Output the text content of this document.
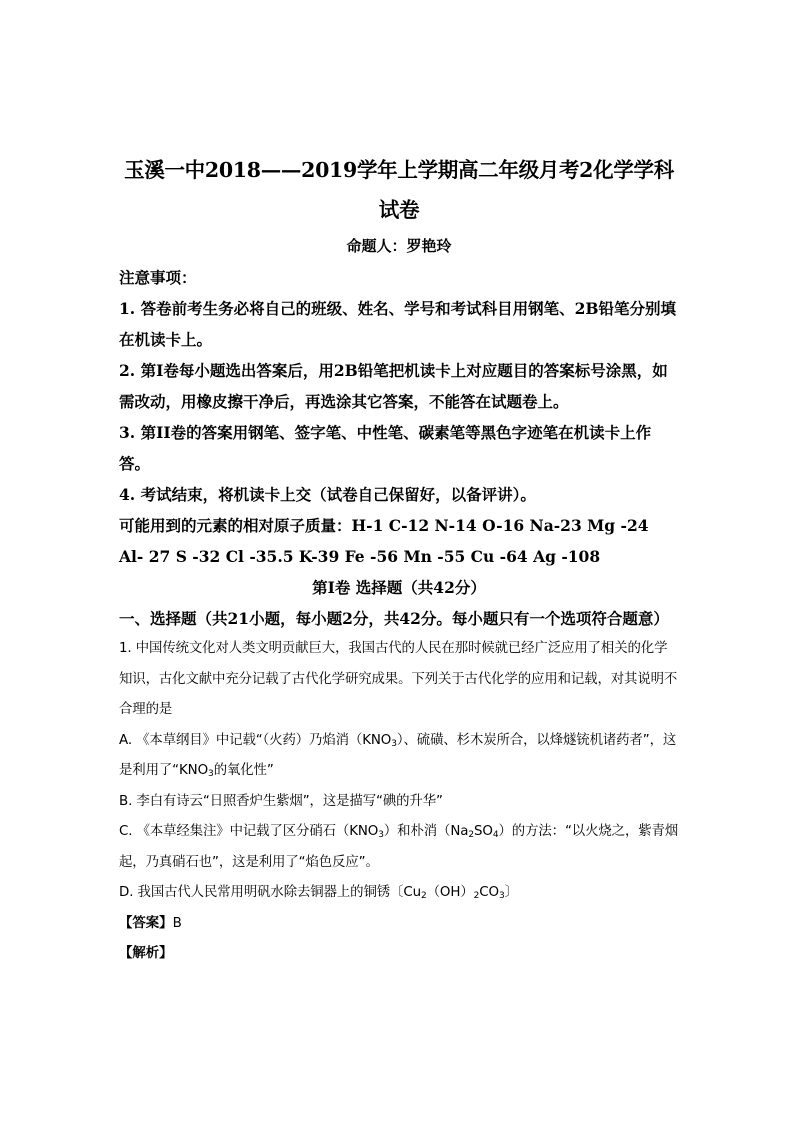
玉溪一中2018——2019学年上学期高二年级月考2化学学科试卷

命题人：罗艳玲

注意事项：

1. 答卷前考生务必将自己的班级、姓名、学号和考试科目用钢笔、2B铅笔分别填在机读卡上。

2. 第Ⅰ卷每小题选出答案后，用2B铅笔把机读卡上对应题目的答案标号涂黑，如需改动，用橡皮擦干净后，再选涂其它答案，不能答在试题卷上。

3. 第II卷的答案用钢笔、签字笔、中性笔、碳素笔等黑色字迹笔在机读卡上作答。

4. 考试结束，将机读卡上交（试卷自己保留好，以备评讲）。

可能用到的元素的相对原子质量：H-1 C-12 N-14 O-16 Na-23 Mg -24

Al- 27 S -32 Cl -35.5 K-39 Fe -56 Mn -55 Cu -64 Ag -108

第Ⅰ卷 选择题（共42分）

一、选择题（共21小题，每小题2分，共42分。每小题只有一个选项符合题意）

1. 中国传统文化对人类文明贡献巨大，我国古代的人民在那时候就已经广泛应用了相关的化学知识，古化文献中充分记载了古代化学研究成果。下列关于古代化学的应用和记载，对其说明不合理的是

A. 《本草纲目》中记载“（火药）乃焰消$(KNO_3)$、硫磺、杉木炭所合，以烽燧铳机诸药者”，这是利用了“$KNO_3$的氧化性”

B. 李白有诗云“日照香炉生紫烟”，这是描写“碘的升华”

C. 《本草经集注》中记载了区分硝石$(KNO_3)$和朴消$(Na_2SO_4)$的方法：“以火烧之，紫青烟起，乃真硝石也”，这是利用了“焰色反应”。

D. 我国古代人民常用明矾水除去铜器上的铜锈〔$Cu_2(OH)_2CO_3$〕

【答案】B

【解析】
